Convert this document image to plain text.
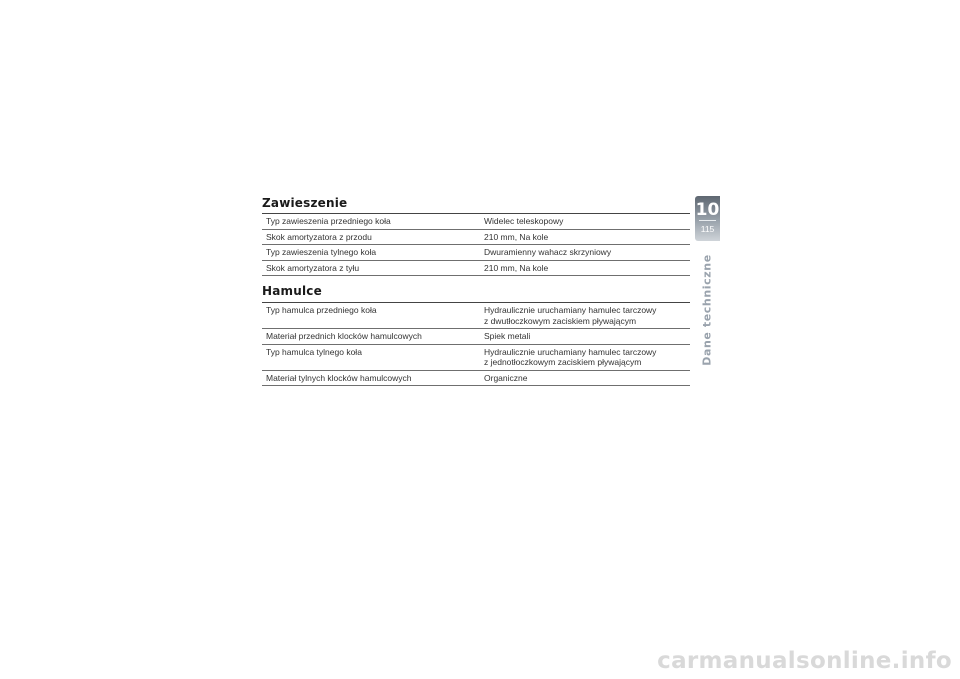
Zawieszenie
Typ zawieszenia przedniego koła	Widelec teleskopowy
Skok amortyzatora z przodu	210 mm, Na kole
Typ zawieszenia tylnego koła	Dwuramienny wahacz skrzyniowy
Skok amortyzatora z tyłu	210 mm, Na kole
Hamulce
Typ hamulca przedniego koła	Hydraulicznie uruchamiany hamulec tarczowy
z dwutłoczkowym zaciskiem pływającym

Materiał przednich klocków hamulcowych	Spiek metali
Typ hamulca tylnego koła	Hydraulicznie uruchamiany hamulec tarczowy
z jednotłoczkowym zaciskiem pływającym

Materiał tylnych klocków hamulcowych	Organiczne
10
115
Dane techniczne
carmanualsonline.info
